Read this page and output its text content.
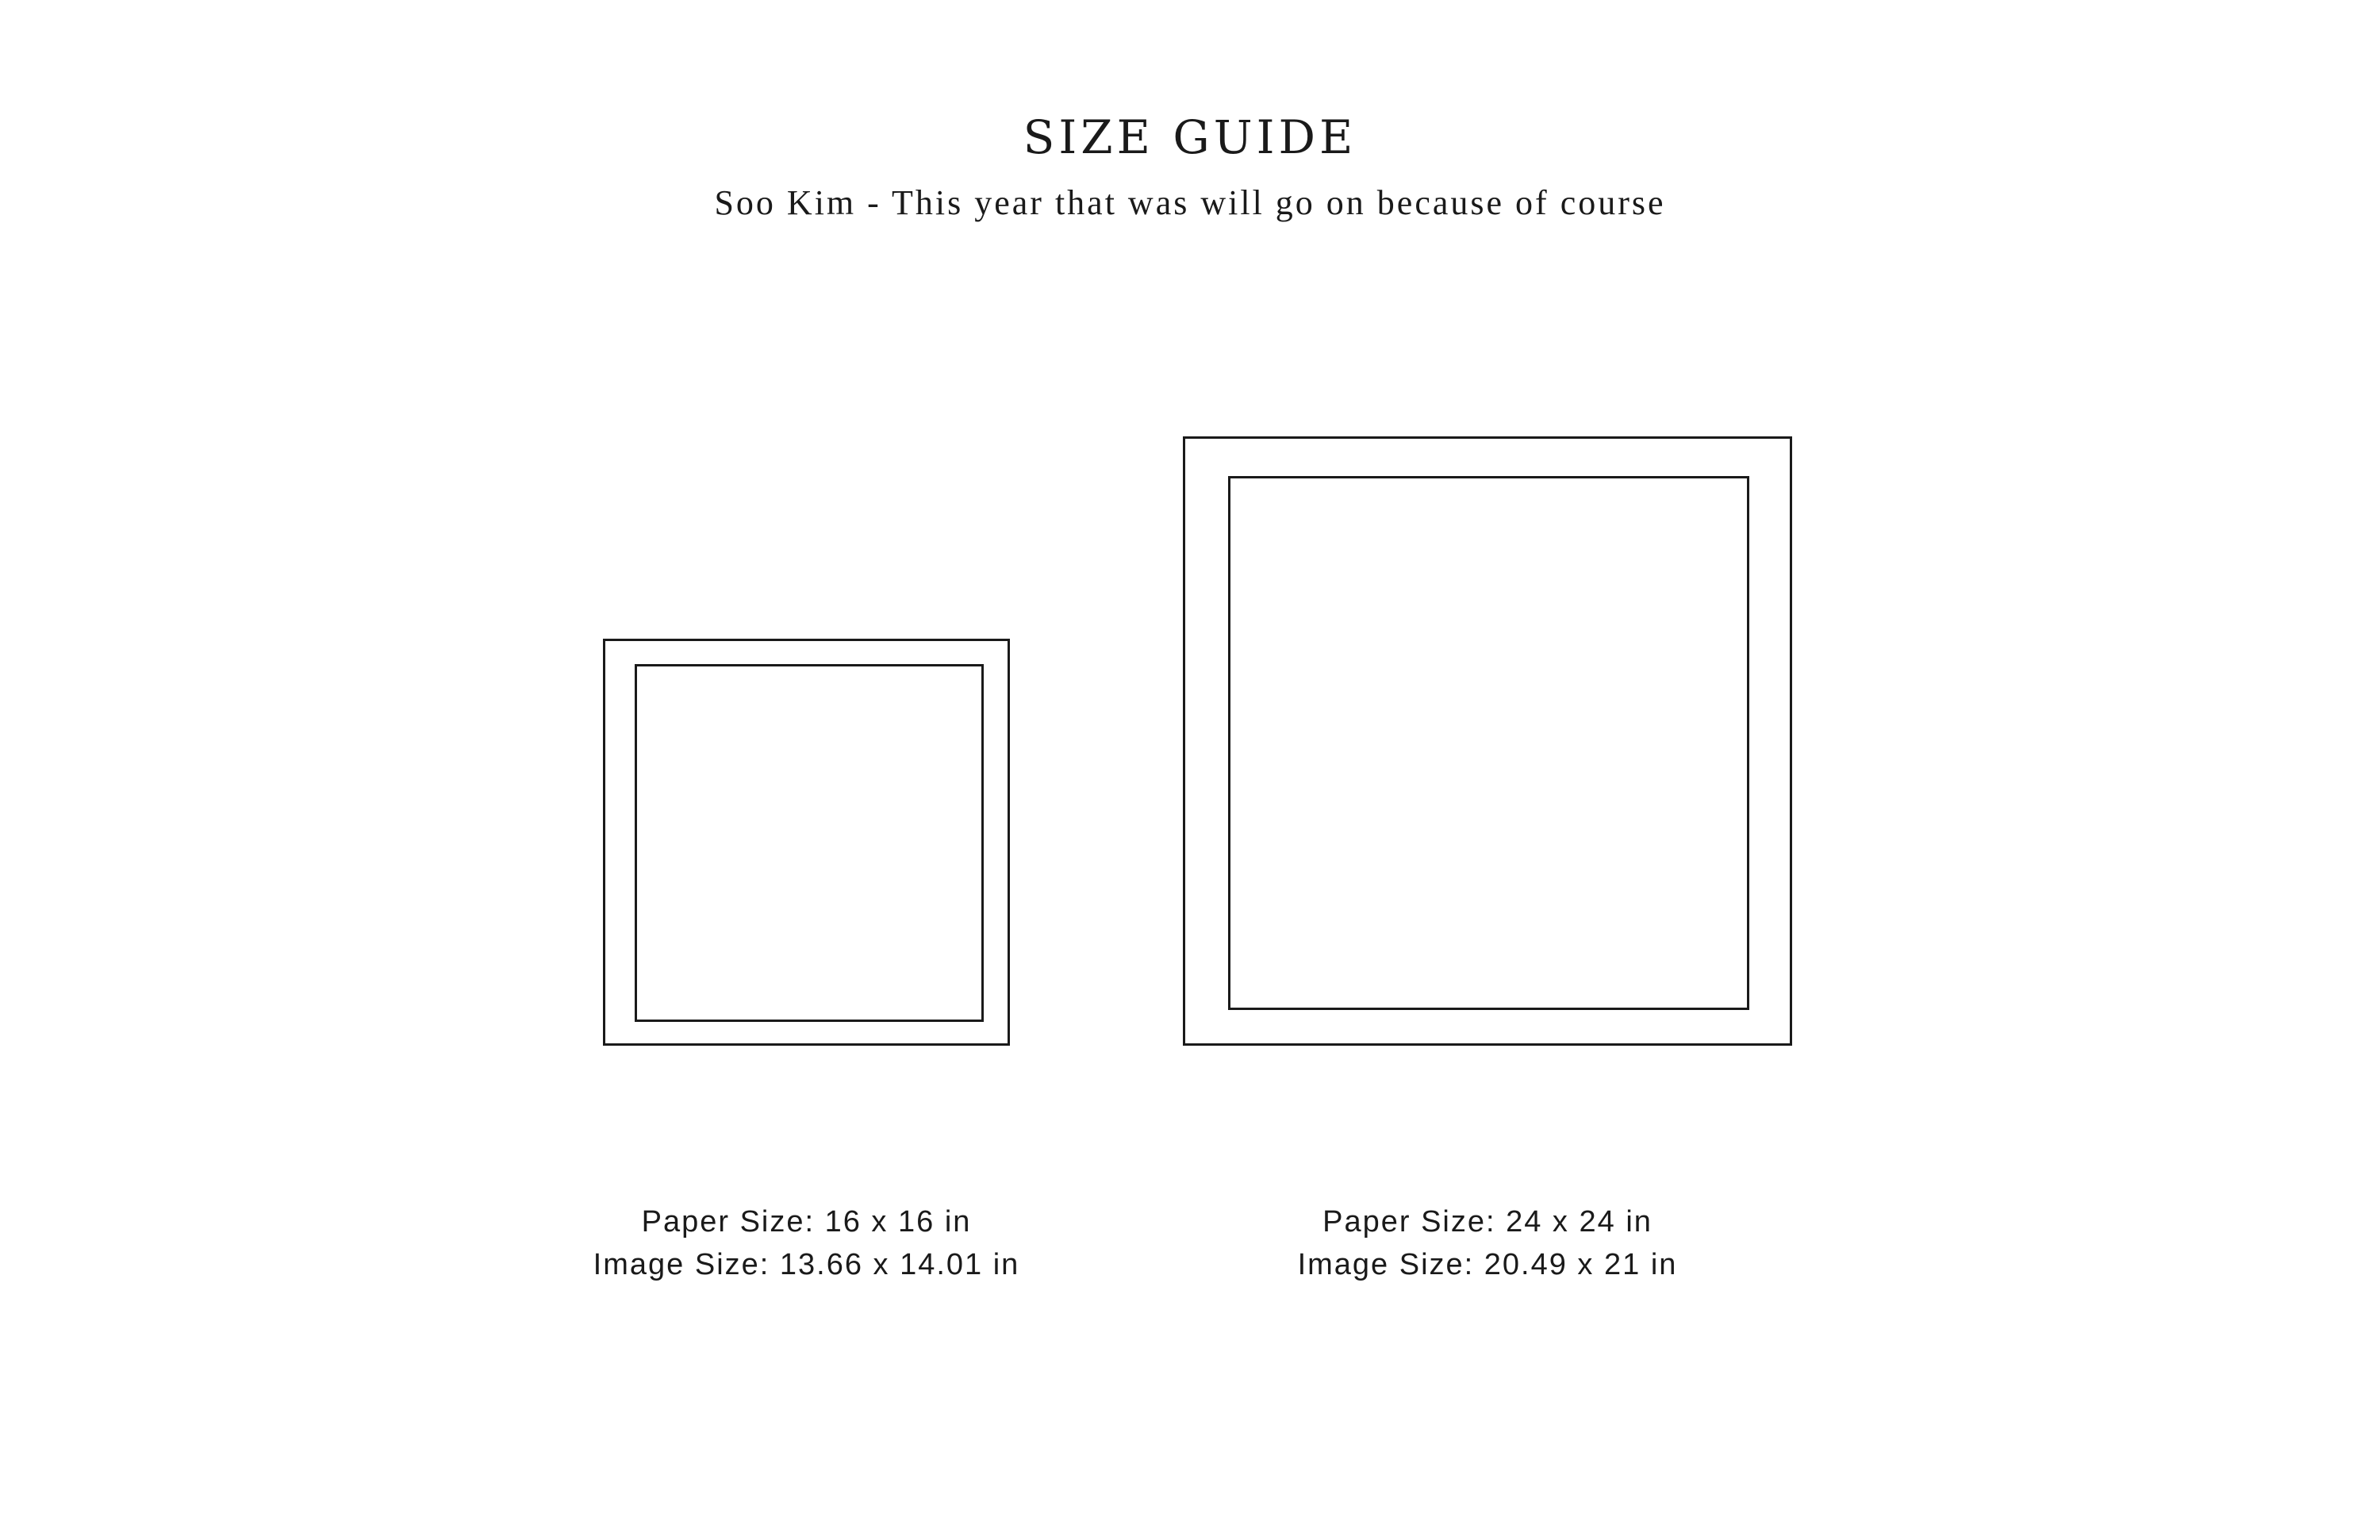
SIZE GUIDE

Soo Kim - This year that was will go on because of course

Paper Size: 16 x 16 in
Image Size: 13.66 x 14.01 in
Paper Size: 24 x 24 in
Image Size: 20.49 x 21 in
